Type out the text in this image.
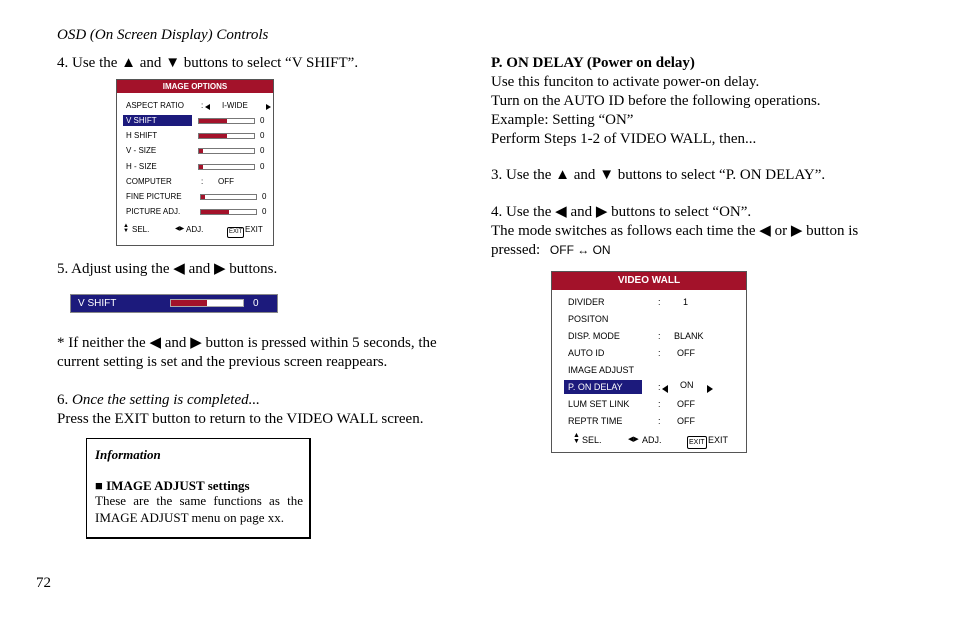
OSD (On Screen Display) Controls
4. Use the ▲ and ▼ buttons to select “V SHIFT”.
IMAGE OPTIONS
ASPECT RATIO	: I-WIDE
V SHIFT	0
H SHIFT	0
V - SIZE	0
H - SIZE	0
COMPUTER	: OFF
FINE PICTURE	0
PICTURE ADJ.	0
▲
▼ SEL.	◀▶ ADJ.	EXIT EXIT
5. Adjust using the ◀ and ▶ buttons.
V SHIFT	0
* If neither the ◀ and ▶ button is pressed within 5 seconds, the
current setting is set and the previous screen reappears.
6. Once the setting is completed...
Press the EXIT button to return to the VIDEO WALL screen.
Information
■ IMAGE ADJUST settings
These are the same functions as the
IMAGE ADJUST menu on page xx.
72
P. ON DELAY (Power on delay)
Use this funciton to activate power-on delay.
Turn on the AUTO ID before the following operations.
Example: Setting “ON”
Perform Steps 1-2 of VIDEO WALL, then...
3. Use the ▲ and ▼ buttons to select “P. ON DELAY”.
4. Use the ◀ and ▶ buttons to select “ON”.
The mode switches as follows each time the ◀ or ▶ button is
pressed: OFF ↔ ON
VIDEO WALL
DIVIDER	: 1
POSITON
DISP. MODE	: BLANK
AUTO ID	: OFF
IMAGE ADJUST
P. ON DELAY	: ON
LUM SET LINK	: OFF
REPTR TIME	: OFF
▲
▼ SEL.	◀▶ ADJ.	EXIT EXIT
